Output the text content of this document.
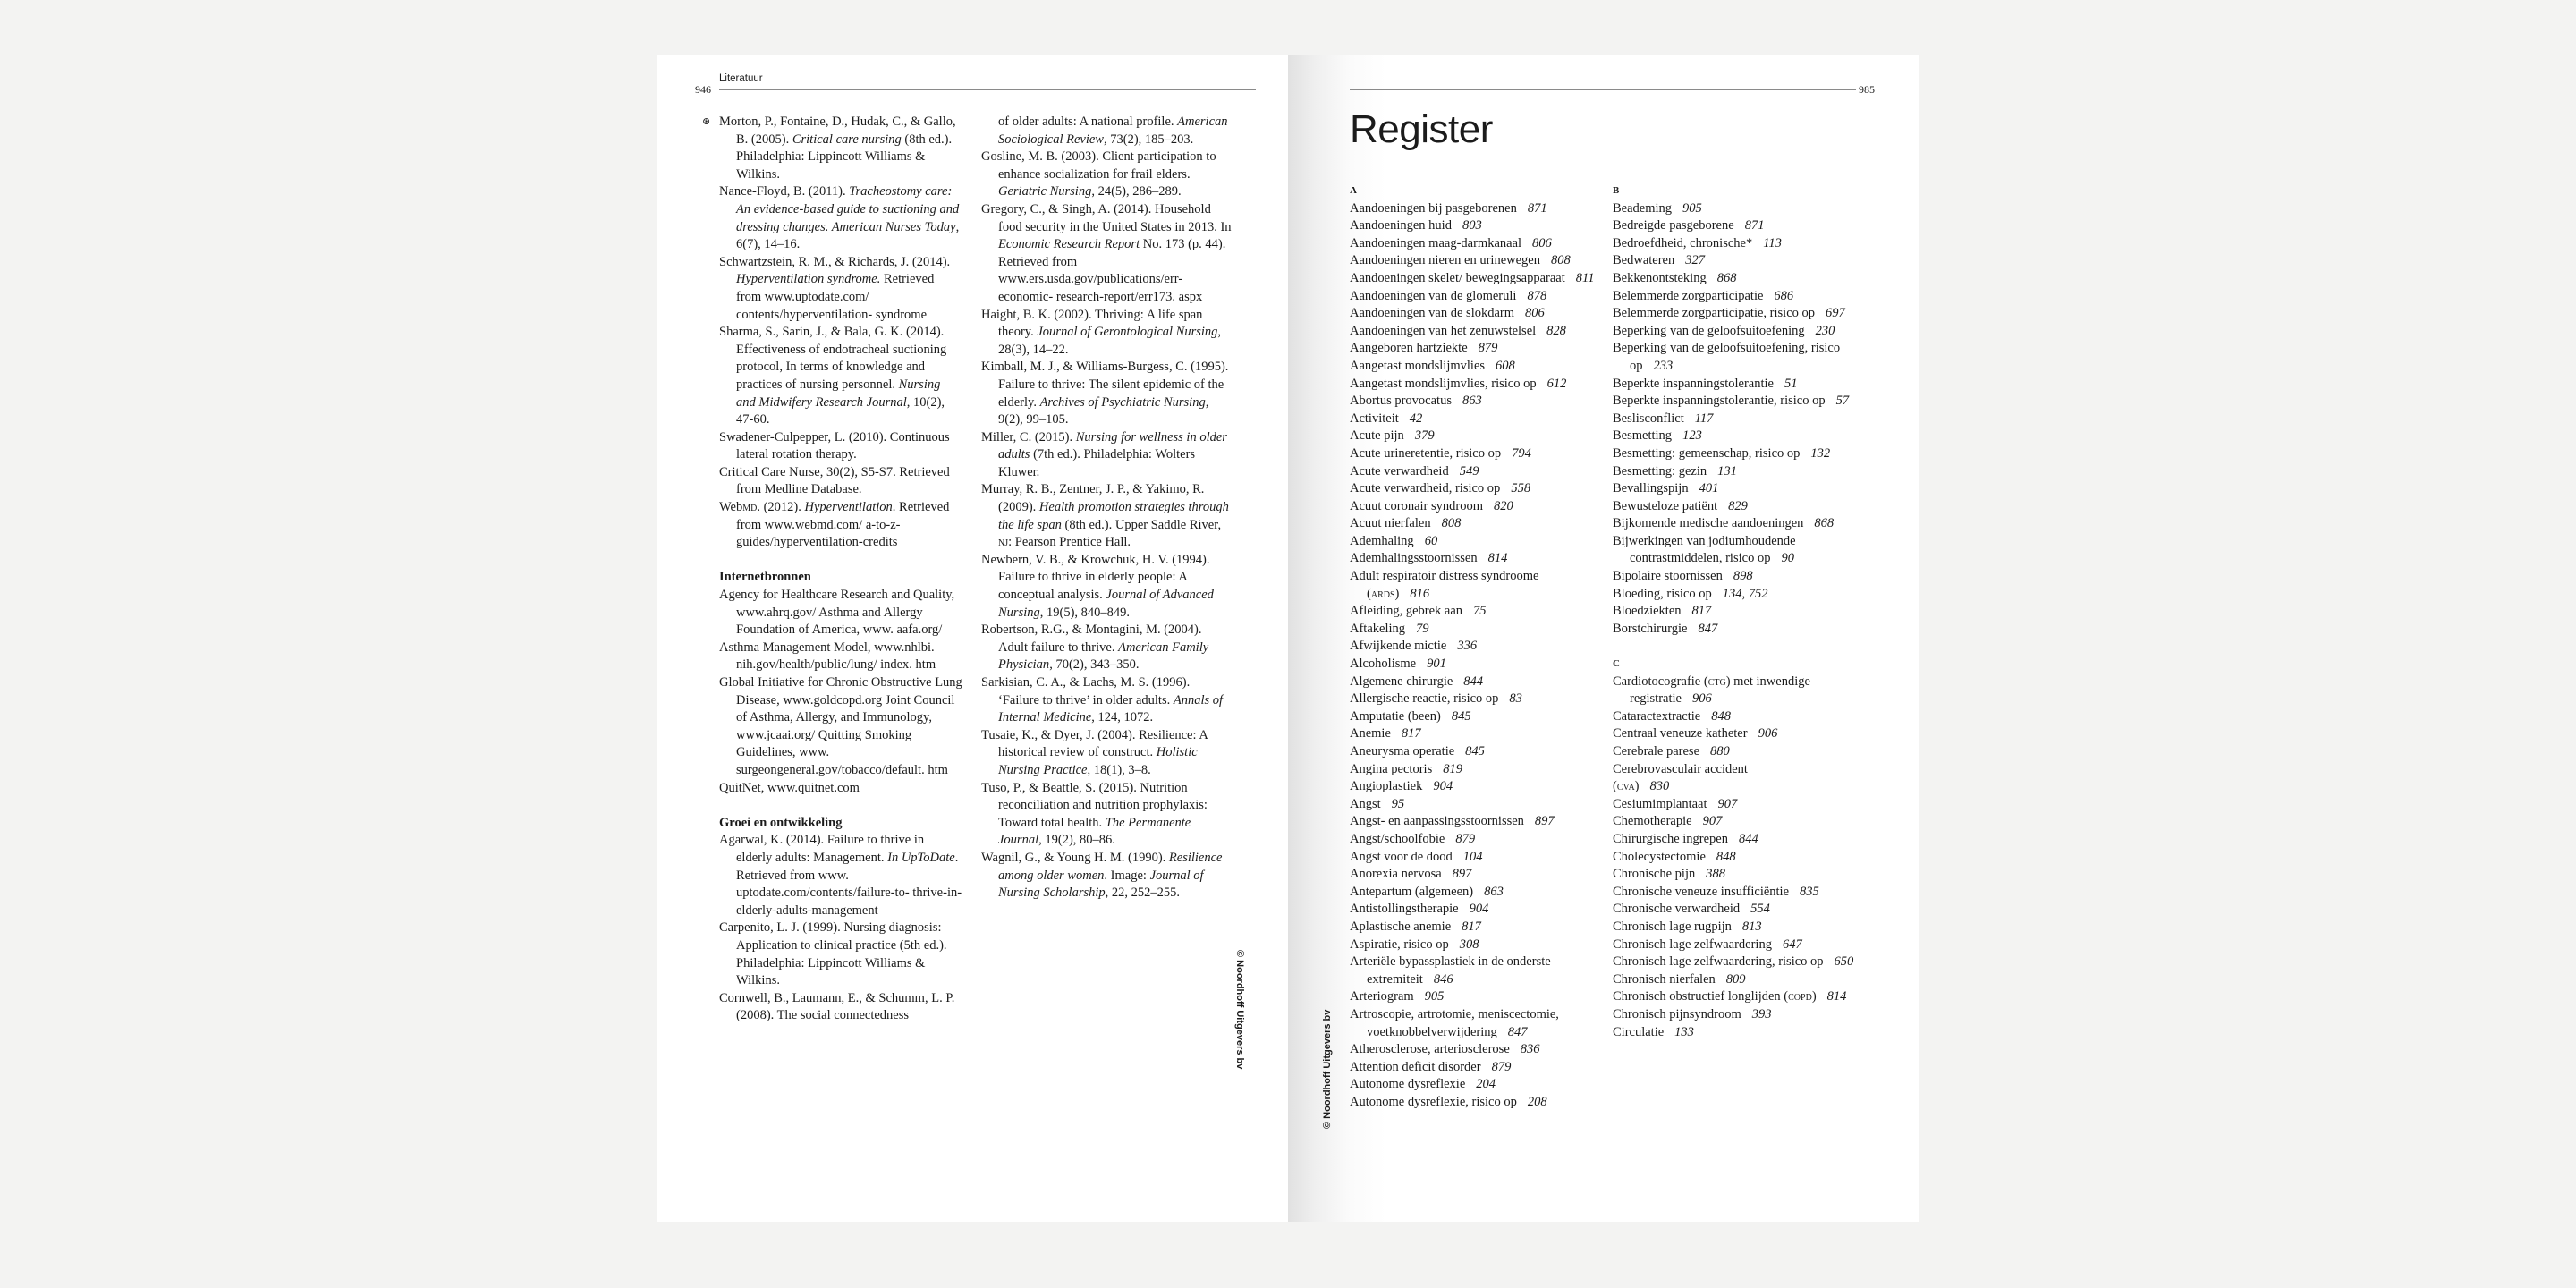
946
Literatuur
⊛ Morton, P., Fontaine, D., Hudak, C., & Gallo, B. (2005). Critical care nursing (8th ed.). Philadelphia: Lippincott Williams & Wilkins.
Nance-Floyd, B. (2011). Tracheostomy care: An evidence-based guide to suctioning and dressing changes. American Nurses Today, 6(7), 14–16.
Schwartzstein, R. M., & Richards, J. (2014). Hyperventilation syndrome. Retrieved from www.uptodate.com/ contents/hyperventilation- syndrome
Sharma, S., Sarin, J., & Bala, G. K. (2014). Effectiveness of endotracheal suctioning protocol, In terms of knowledge and practices of nursing personnel. Nursing and Midwifery Research Journal, 10(2), 47-60.
Swadener-Culpepper, L. (2010). Continuous lateral rotation therapy.
Critical Care Nurse, 30(2), S5-S7. Retrieved from Medline Database.
Webmd. (2012). Hyperventilation. Retrieved from www.webmd.com/ a-to-z-guides/hyperventilation-credits
Internetbronnen
Agency for Healthcare Research and Quality, www.ahrq.gov/ Asthma and Allergy Foundation of America, www. aafa.org/
Asthma Management Model, www.nhlbi. nih.gov/health/public/lung/ index. htm
Global Initiative for Chronic Obstructive Lung Disease, www.goldcopd.org Joint Council of Asthma, Allergy, and Immunology, www.jcaai.org/ Quitting Smoking Guidelines, www. surgeongeneral.gov/tobacco/default. htm
QuitNet, www.quitnet.com
Groei en ontwikkeling
Agarwal, K. (2014). Failure to thrive in elderly adults: Management. In UpToDate. Retrieved from www. uptodate.com/contents/failure-to- thrive-in-elderly-adults-management
Carpenito, L. J. (1999). Nursing diagnosis: Application to clinical practice (5th ed.). Philadelphia: Lippincott Williams & Wilkins.
Cornwell, B., Laumann, E., & Schumm, L. P. (2008). The social connectedness
of older adults: A national profile. American Sociological Review, 73(2), 185–203.
Gosline, M. B. (2003). Client participation to enhance socialization for frail elders. Geriatric Nursing, 24(5), 286–289.
Gregory, C., & Singh, A. (2014). Household food security in the United States in 2013. In Economic Research Report No. 173 (p. 44). Retrieved from www.ers.usda.gov/publications/err- economic- research-report/err173. aspx
Haight, B. K. (2002). Thriving: A life span theory. Journal of Gerontological Nursing, 28(3), 14–22.
Kimball, M. J., & Williams-Burgess, C. (1995). Failure to thrive: The silent epidemic of the elderly. Archives of Psychiatric Nursing, 9(2), 99–105.
Miller, C. (2015). Nursing for wellness in older adults (7th ed.). Philadelphia: Wolters Kluwer.
Murray, R. B., Zentner, J. P., & Yakimo, R. (2009). Health promotion strategies through the life span (8th ed.). Upper Saddle River, nj: Pearson Prentice Hall.
Newbern, V. B., & Krowchuk, H. V. (1994). Failure to thrive in elderly people: A conceptual analysis. Journal of Advanced Nursing, 19(5), 840–849.
Robertson, R.G., & Montagini, M. (2004). Adult failure to thrive. American Family Physician, 70(2), 343–350.
Sarkisian, C. A., & Lachs, M. S. (1996). ‘Failure to thrive’ in older adults. Annals of Internal Medicine, 124, 1072.
Tusaie, K., & Dyer, J. (2004). Resilience: A historical review of construct. Holistic Nursing Practice, 18(1), 3–8.
Tuso, P., & Beattle, S. (2015). Nutrition reconciliation and nutrition prophylaxis: Toward total health. The Permanente Journal, 19(2), 80–86.
Wagnil, G., & Young H. M. (1990). Resilience among older women. Image: Journal of Nursing Scholarship, 22, 252–255.
© Noordhoff Uitgevers bv
985
Register
A
Aandoeningen bij pasgeborenen 871
Aandoeningen huid 803
Aandoeningen maag-darmkanaal 806
Aandoeningen nieren en urinewegen 808
Aandoeningen skelet/ bewegingsapparaat 811
Aandoeningen van de glomeruli 878
Aandoeningen van de slokdarm 806
Aandoeningen van het zenuwstelsel 828
Aangeboren hartziekte 879
Aangetast mondslijmvlies 608
Aangetast mondslijmvlies, risico op 612
Abortus provocatus 863
Activiteit 42
Acute pijn 379
Acute urineretentie, risico op 794
Acute verwardheid 549
Acute verwardheid, risico op 558
Acuut coronair syndroom 820
Acuut nierfalen 808
Ademhaling 60
Ademhalingsstoornissen 814
Adult respiratoir distress syndroome (ards) 816
Afleiding, gebrek aan 75
Aftakeling 79
Afwijkende mictie 336
Alcoholisme 901
Algemene chirurgie 844
Allergische reactie, risico op 83
Amputatie (been) 845
Anemie 817
Aneurysma operatie 845
Angina pectoris 819
Angioplastiek 904
Angst 95
Angst- en aanpassingsstoornissen 897
Angst/schoolfobie 879
Angst voor de dood 104
Anorexia nervosa 897
Antepartum (algemeen) 863
Antistollingstherapie 904
Aplastische anemie 817
Aspiratie, risico op 308
Arteriële bypassplastiek in de onderste extremiteit 846
Arteriogram 905
Artroscopie, artrotomie, meniscectomie, voetknobbelverwijdering 847
Atherosclerose, arteriosclerose 836
Attention deficit disorder 879
Autonome dysreflexie 204
Autonome dysreflexie, risico op 208
B
Beademing 905
Bedreigde pasgeborene 871
Bedroefdheid, chronische* 113
Bedwateren 327
Bekkenontsteking 868
Belemmerde zorgparticipatie 686
Belemmerde zorgparticipatie, risico op 697
Beperking van de geloofsuitoefening 230
Beperking van de geloofsuitoefening, risico op 233
Beperkte inspanningstolerantie 51
Beperkte inspanningstolerantie, risico op 57
Beslisconflict 117
Besmetting 123
Besmetting: gemeenschap, risico op 132
Besmetting: gezin 131
Bevallingspijn 401
Bewusteloze patiënt 829
Bijkomende medische aandoeningen 868
Bijwerkingen van jodiumhoudende contrastmiddelen, risico op 90
Bipolaire stoornissen 898
Bloeding, risico op 134, 752
Bloedziekten 817
Borstchirurgie 847
C
Cardiotocografie (ctg) met inwendige registratie 906
Cataractextractie 848
Centraal veneuze katheter 906
Cerebrale parese 880
Cerebrovasculair accident
(cva) 830
Cesiumimplantaat 907
Chemotherapie 907
Chirurgische ingrepen 844
Cholecystectomie 848
Chronische pijn 388
Chronische veneuze insufficiëntie 835
Chronische verwardheid 554
Chronisch lage rugpijn 813
Chronisch lage zelfwaardering 647
Chronisch lage zelfwaardering, risico op 650
Chronisch nierfalen 809
Chronisch obstructief longlijden (copd) 814
Chronisch pijnsyndroom 393
Circulatie 133
© Noordhoff Uitgevers bv
